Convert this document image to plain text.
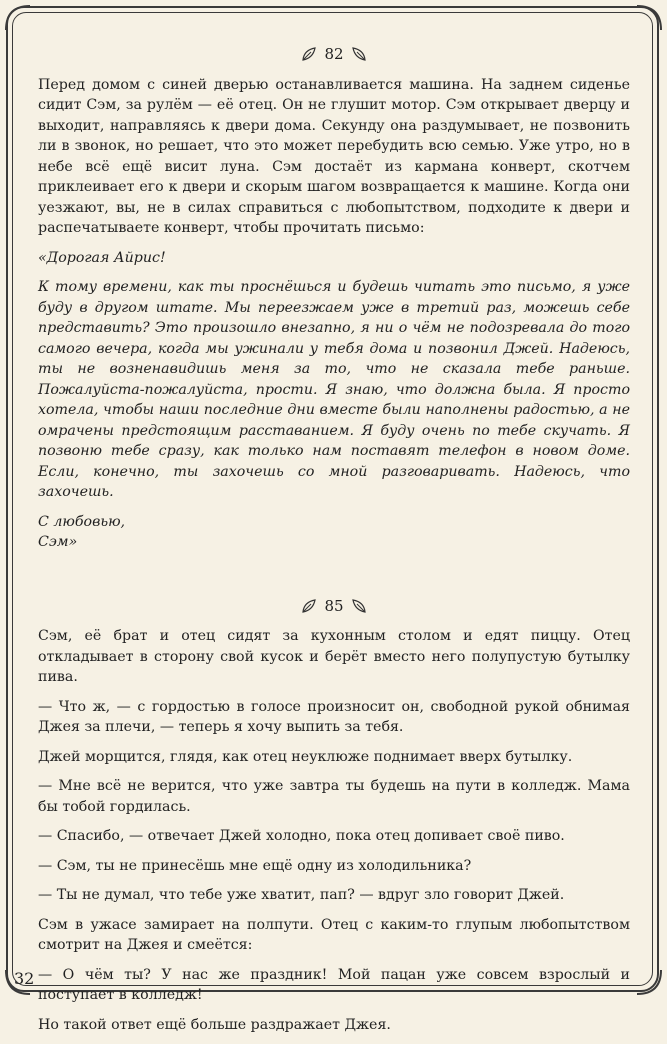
82

Перед домом с синей дверью останавливается машина. На заднем сиденье сидит Сэм, за рулём — её отец. Он не глушит мотор. Сэм открывает дверцу и выходит, направляясь к двери дома. Секунду она раздумывает, не позвонить ли в звонок, но решает, что это может перебудить всю семью. Уже утро, но в небе всё ещё висит луна. Сэм достаёт из кармана конверт, скотчем приклеивает его к двери и скорым шагом возвращается к машине. Когда они уезжают, вы, не в силах справиться с любопытством, подходите к двери и распечатываете конверт, чтобы прочитать письмо:

«Дорогая Айрис!

К тому времени, как ты проснёшься и будешь читать это письмо, я уже буду в другом штате. Мы переезжаем уже в третий раз, можешь себе представить? Это произошло внезапно, я ни о чём не подозревала до того самого вечера, когда мы ужинали у тебя дома и позвонил Джей. Надеюсь, ты не возненавидишь меня за то, что не сказала тебе раньше. Пожалуйста-пожалуйста, прости. Я знаю, что должна была. Я просто хотела, чтобы наши последние дни вместе были наполнены радостью, а не омрачены предстоящим расставанием. Я буду очень по тебе скучать. Я позвоню тебе сразу, как только нам поставят телефон в новом доме. Если, конечно, ты захочешь со мной разговаривать. Надеюсь, что захочешь.

С любовью,

Сэм»

85

Сэм, её брат и отец сидят за кухонным столом и едят пиццу. Отец откладывает в сторону свой кусок и берёт вместо него полупустую бутылку пива.

— Что ж, — с гордостью в голосе произносит он, свободной рукой обнимая Джея за плечи, — теперь я хочу выпить за тебя.

Джей морщится, глядя, как отец неуклюже поднимает вверх бутылку.

— Мне всё не верится, что уже завтра ты будешь на пути в колледж. Мама бы тобой гордилась.

— Спасибо, — отвечает Джей холодно, пока отец допивает своё пиво.

— Сэм, ты не принесёшь мне ещё одну из холодильника?

— Ты не думал, что тебе уже хватит, пап? — вдруг зло говорит Джей.

Сэм в ужасе замирает на полпути. Отец с каким-то глупым любопытством смотрит на Джея и смеётся:

— О чём ты? У нас же праздник! Мой пацан уже совсем взрослый и поступает в колледж!

Но такой ответ ещё больше раздражает Джея.

32
